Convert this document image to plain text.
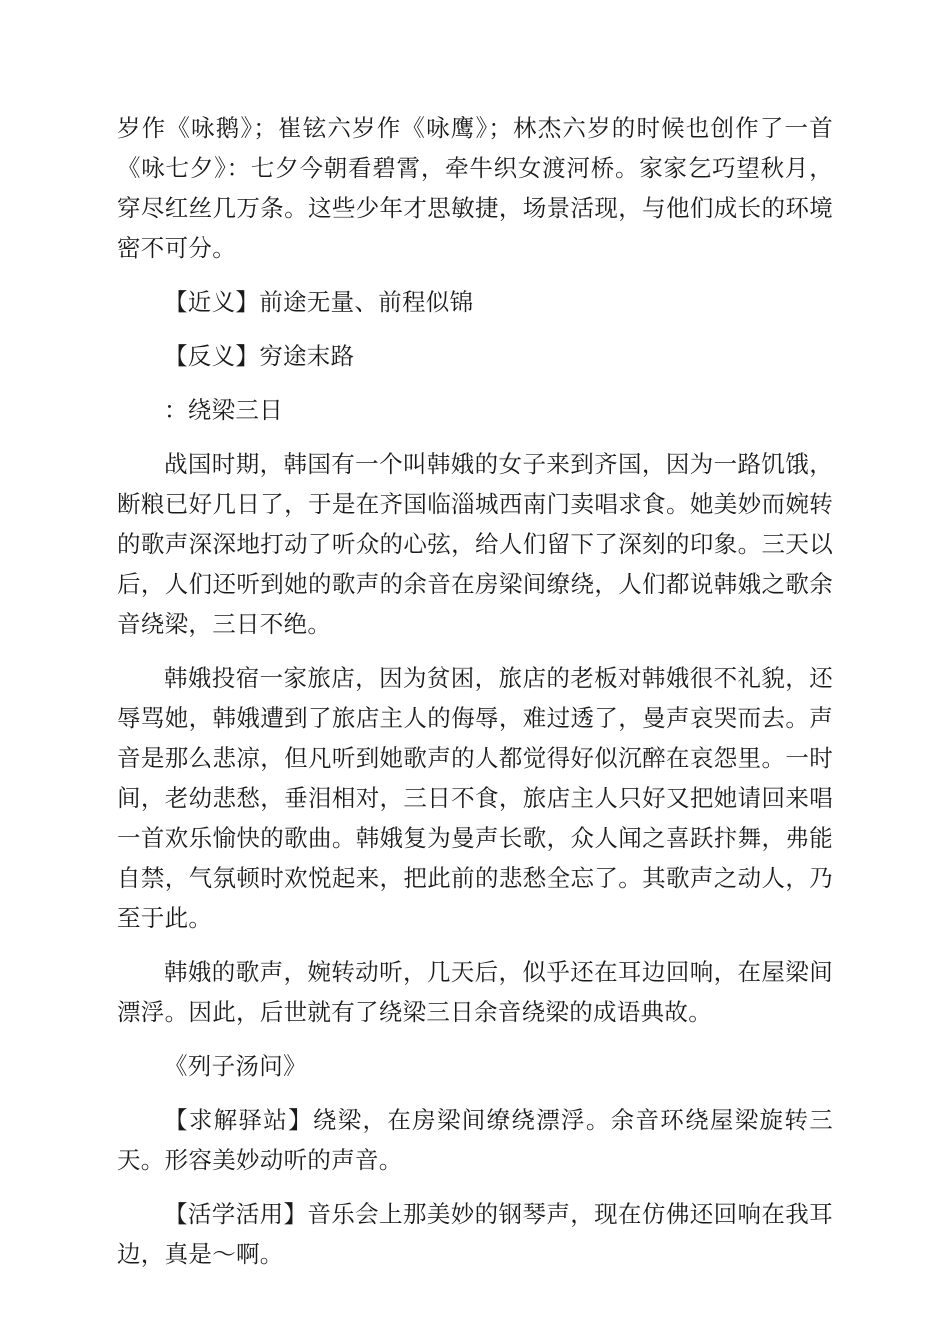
岁作《咏鹅》；崔铉六岁作《咏鹰》；林杰六岁的时候也创作了一首《咏七夕》：七夕今朝看碧霄，牵牛织女渡河桥。家家乞巧望秋月，穿尽红丝几万条。这些少年才思敏捷，场景活现，与他们成长的环境密不可分。

【近义】前途无量、前程似锦

【反义】穷途末路

：绕梁三日

战国时期，韩国有一个叫韩娥的女子来到齐国，因为一路饥饿，断粮已好几日了，于是在齐国临淄城西南门卖唱求食。她美妙而婉转的歌声深深地打动了听众的心弦，给人们留下了深刻的印象。三天以后，人们还听到她的歌声的余音在房梁间缭绕，人们都说韩娥之歌余音绕梁，三日不绝。

韩娥投宿一家旅店，因为贫困，旅店的老板对韩娥很不礼貌，还辱骂她，韩娥遭到了旅店主人的侮辱，难过透了，曼声哀哭而去。声音是那么悲凉，但凡听到她歌声的人都觉得好似沉醉在哀怨里。一时间，老幼悲愁，垂泪相对，三日不食，旅店主人只好又把她请回来唱一首欢乐愉快的歌曲。韩娥复为曼声长歌，众人闻之喜跃抃舞，弗能自禁，气氛顿时欢悦起来，把此前的悲愁全忘了。其歌声之动人，乃至于此。

韩娥的歌声，婉转动听，几天后，似乎还在耳边回响，在屋梁间漂浮。因此，后世就有了绕梁三日余音绕梁的成语典故。

《列子汤问》

【求解驿站】绕梁，在房梁间缭绕漂浮。余音环绕屋梁旋转三天。形容美妙动听的声音。

【活学活用】音乐会上那美妙的钢琴声，现在仿佛还回响在我耳边，真是～啊。
